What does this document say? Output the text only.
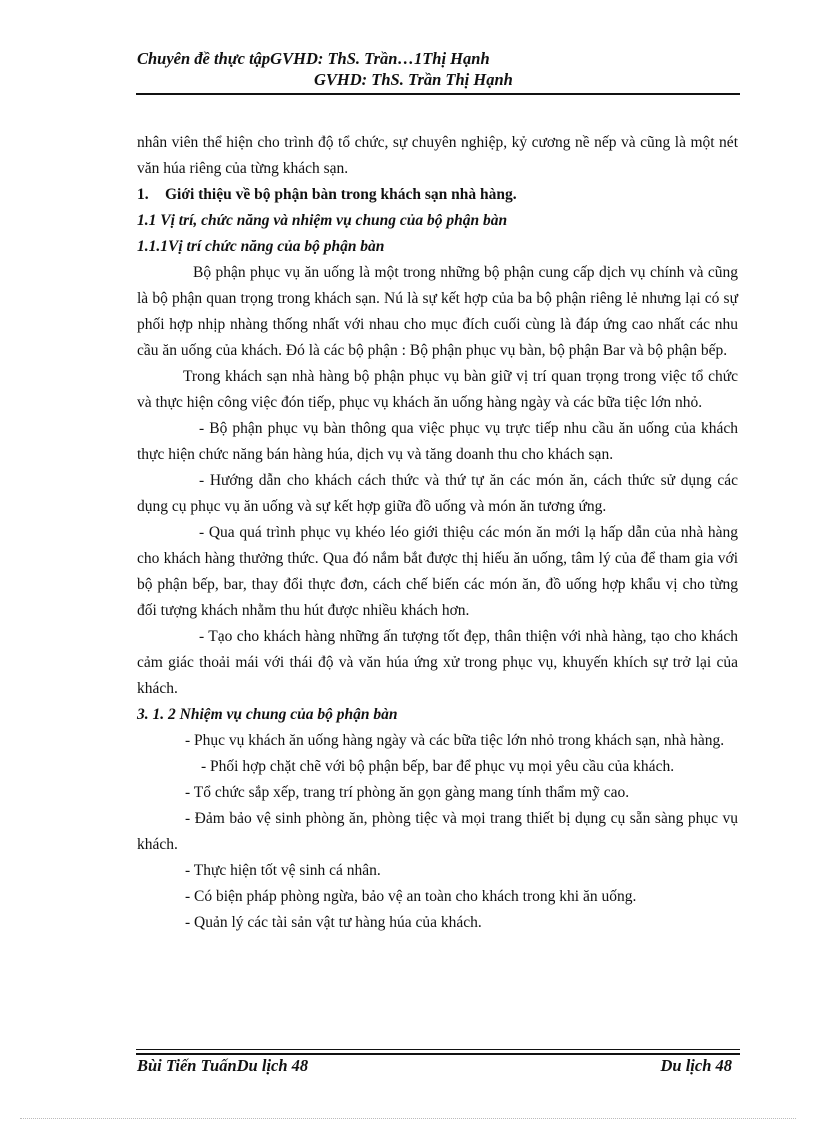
Chuyên đề thực tậpGVHD: ThS. Trần…1Thị Hạnh
GVHD: ThS. Trần Thị Hạnh

nhân viên thể hiện cho trình độ tổ chức, sự chuyên nghiệp, kỷ cương nề nếp và cũng là một nét văn húa riêng của từng khách sạn.

1. Giới thiệu về bộ phận bàn trong khách sạn nhà hàng.

1.1 Vị trí, chức năng và nhiệm vụ chung của bộ phận bàn

1.1.1Vị trí chức năng của bộ phận bàn

Bộ phận phục vụ ăn uống là một trong những bộ phận cung cấp dịch vụ chính và cũng là bộ phận quan trọng trong khách sạn. Nú là sự kết hợp của ba bộ phận riêng lẻ nhưng lại có sự phối hợp nhịp nhàng thống nhất với nhau cho mục đích cuối cùng là đáp ứng cao nhất các nhu cầu ăn uống của khách. Đó là các bộ phận : Bộ phận phục vụ bàn, bộ phận Bar và bộ phận bếp.

Trong khách sạn nhà hàng bộ phận phục vụ bàn giữ vị trí quan trọng trong việc tổ chức và thực hiện công việc đón tiếp, phục vụ khách ăn uống hàng ngày và các bữa tiệc lớn nhỏ.

- Bộ phận phục vụ bàn thông qua việc phục vụ trực tiếp nhu cầu ăn uống của khách thực hiện chức năng bán hàng húa, dịch vụ và tăng doanh thu cho khách sạn.

- Hướng dẫn cho khách cách thức và thứ tự ăn các món ăn, cách thức sử dụng các dụng cụ phục vụ ăn uống và sự kết hợp giữa đồ uống và món ăn tương ứng.

- Qua quá trình phục vụ khéo léo giới thiệu các món ăn mới lạ hấp dẫn của nhà hàng cho khách hàng thưởng thức. Qua đó nắm bắt được thị hiếu ăn uống, tâm lý của để tham gia với bộ phận bếp, bar, thay đổi thực đơn, cách chế biến các món ăn, đồ uống hợp khẩu vị cho từng đối tượng khách nhằm thu hút được nhiều khách hơn.

- Tạo cho khách hàng những ấn tượng tốt đẹp, thân thiện với nhà hàng, tạo cho khách cảm giác thoải mái với thái độ và văn húa ứng xử trong phục vụ, khuyến khích sự trở lại của khách.

3. 1. 2 Nhiệm vụ chung của bộ phận bàn

- Phục vụ khách ăn uống hàng ngày và các bữa tiệc lớn nhỏ trong khách sạn, nhà hàng.

- Phối hợp chặt chẽ với bộ phận bếp, bar để phục vụ mọi yêu cầu của khách.

- Tổ chức sắp xếp, trang trí phòng ăn gọn gàng mang tính thẩm mỹ cao.

- Đảm bảo vệ sinh phòng ăn, phòng tiệc và mọi trang thiết bị dụng cụ sẵn sàng phục vụ khách.

- Thực hiện tốt vệ sinh cá nhân.

- Có biện pháp phòng ngừa, bảo vệ an toàn cho khách trong khi ăn uống.

- Quản lý các tài sản vật tư hàng húa của khách.

Bùi Tiến TuấnDu lịch 48	Du lịch 48
